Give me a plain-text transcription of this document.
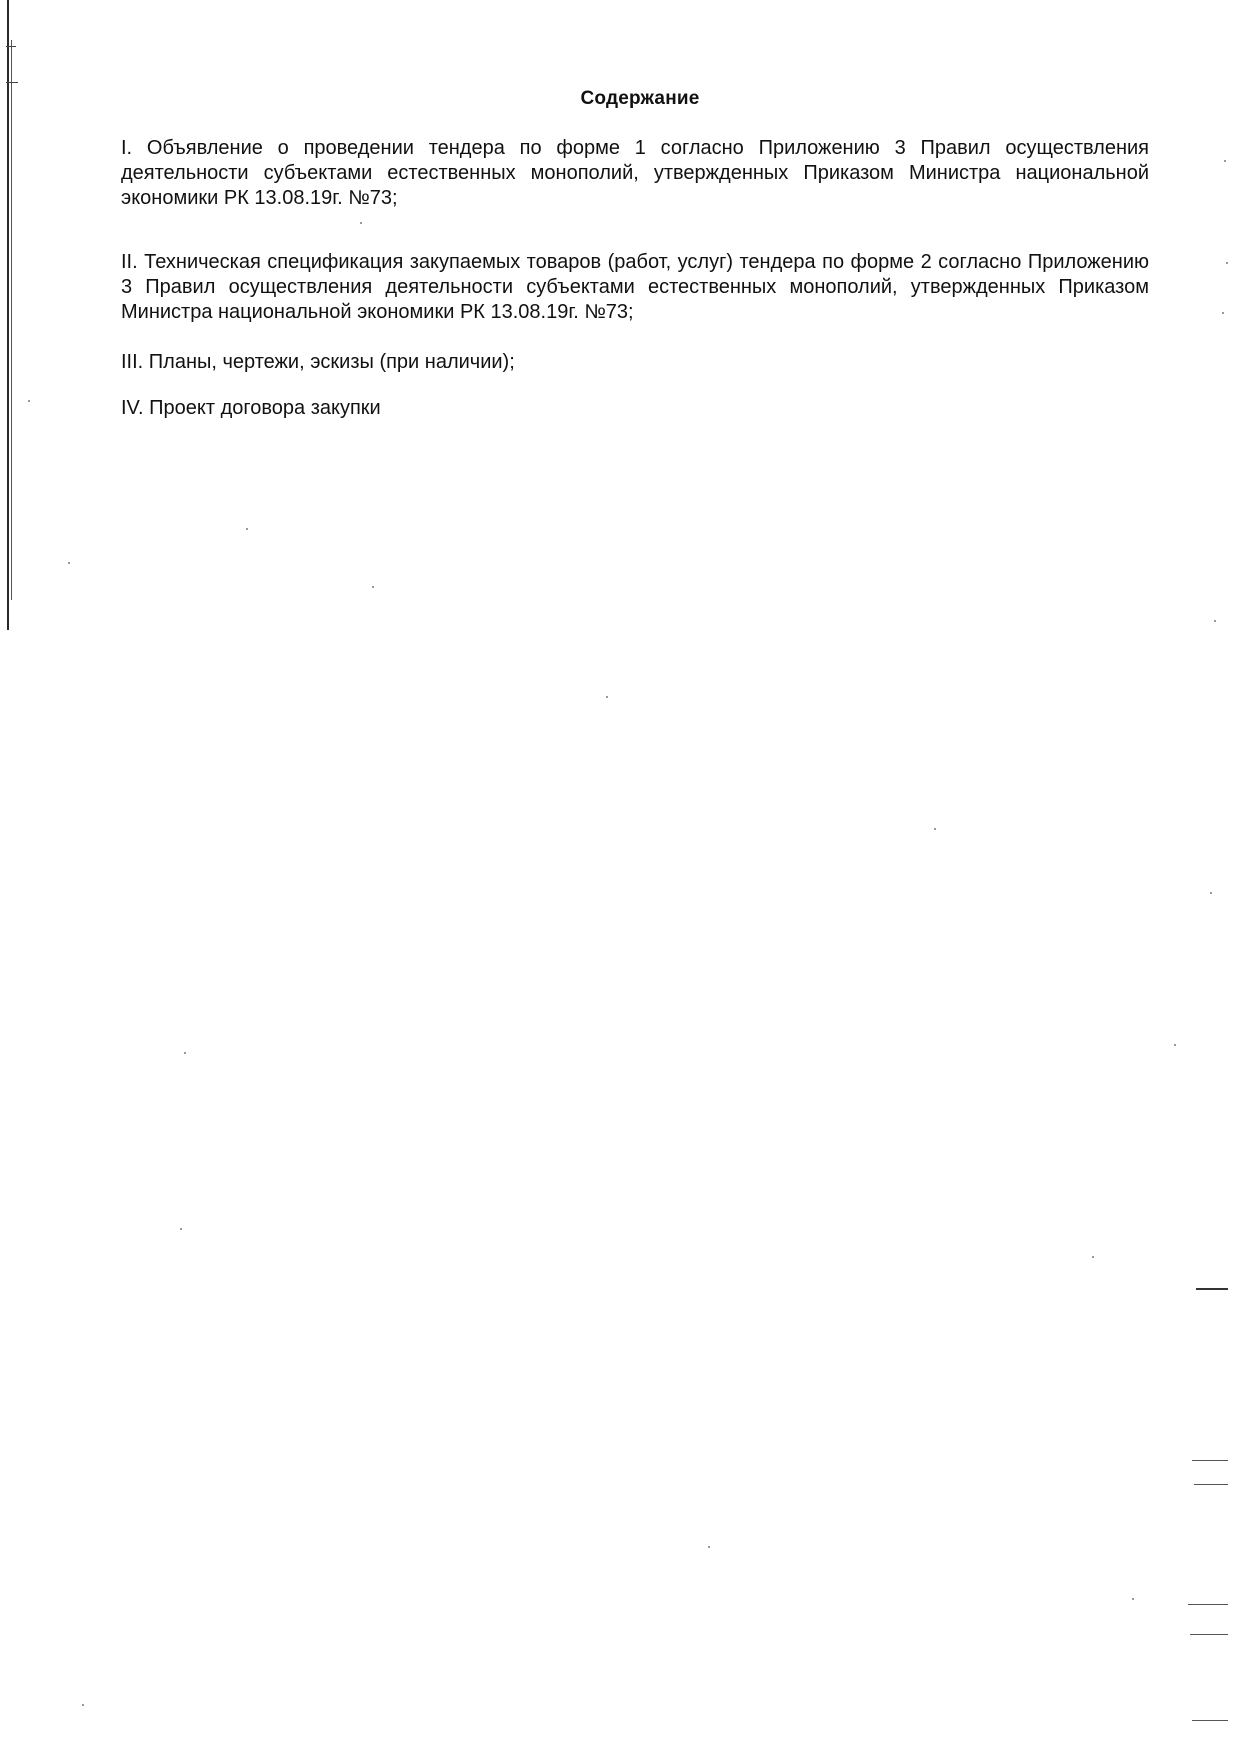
Содержание
I. Объявление о проведении тендера по форме 1 согласно Приложению 3 Правил осуществления деятельности субъектами естественных монополий, утвержденных Приказом Министра национальной экономики РК 13.08.19г. №73;
II. Техническая спецификация закупаемых товаров (работ, услуг) тендера по форме 2 согласно Приложению 3 Правил осуществления деятельности субъектами естественных монополий, утвержденных Приказом Министра национальной экономики РК 13.08.19г. №73;
III. Планы, чертежи, эскизы (при наличии);
IV. Проект договора закупки
